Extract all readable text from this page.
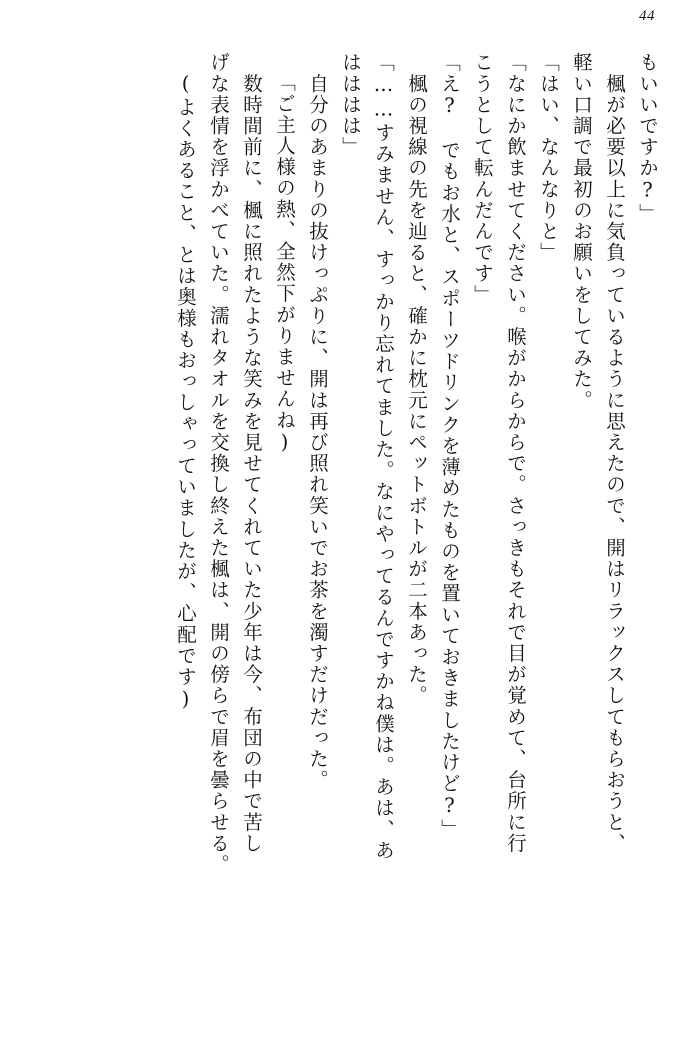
44
もいいですか?」
　楓が必要以上に気負っているように思えたので、開はリラックスしてもらおうと、
軽い口調で最初のお願いをしてみた。
「はい、なんなりと」
「なにか飲ませてください。喉がからからで。さっきもそれで目が覚めて、台所に行
こうとして転んだんです」
「え?　でもお水と、スポーツドリンクを薄めたものを置いておきましたけど?」
　楓の視線の先を辿ると、確かに枕元にペットボトルが二本あった。
「……すみません、すっかり忘れてました。なにやってるんですかね僕は。あは、あ
はははは」
　自分のあまりの抜けっぷりに、開は再び照れ笑いでお茶を濁すだけだった。
「ご主人様の熱、全然下がりませんね)
　数時間前に、楓に照れたような笑みを見せてくれていた少年は今、布団の中で苦し
げな表情を浮かべていた。濡れタオルを交換し終えた楓は、開の傍らで眉を曇らせる。
(よくあること、とは奥様もおっしゃっていましたが、心配です)
